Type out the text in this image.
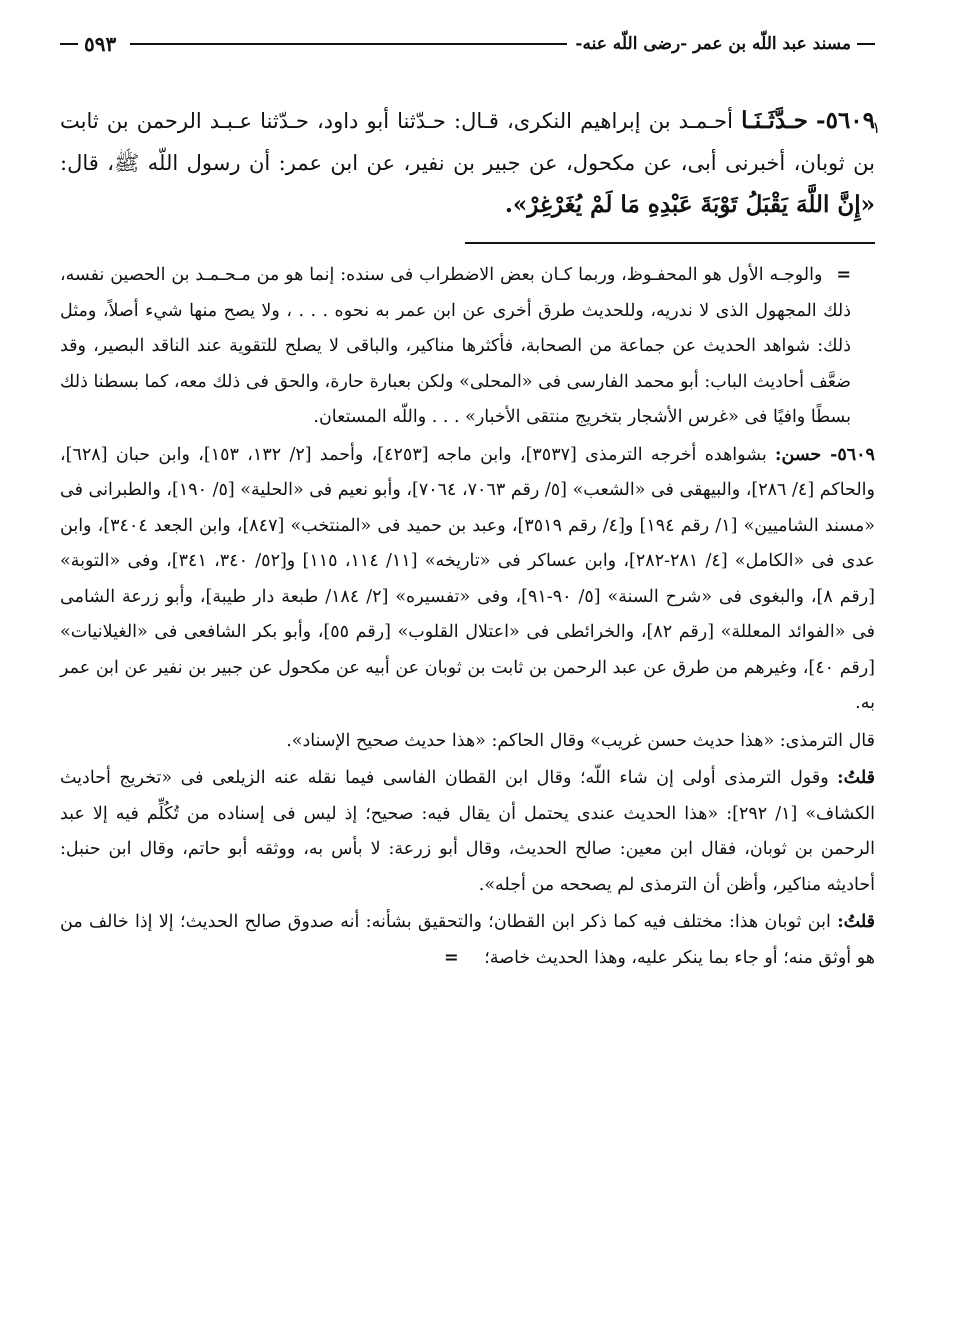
مسند عبد اللّه بن عمر -رضى اللّه عنه-
٥٩٣
٥٦٠٩- حـدَّثَـنَـا أحـمـد بن إبراهيم النكرى، قـال: حـدّثنا أبو داود، حـدّثنا عـبـد الرحمن بن ثابت بن ثوبان، أخبرنى أبى، عن مكحول، عن جبير بن نفير، عن ابن عمر: أن رسول اللّه ﷺ، قال: «إِنَّ اللَّهَ يَقْبَلُ تَوْبَةَ عَبْدِهِ مَا لَمْ يُغَرْغِرْ».

= والوجـه الأول هو المحفـوظ، وربما كـان بعض الاضطراب فى سنده: إنما هو من مـحـمـد بن الحصين نفسه، ذلك المجهول الذى لا ندريه، وللحديث طرق أخرى عن ابن عمر به نحوه . . . ، ولا يصح منها شيء أصلاً، ومثل ذلك: شواهد الحديث عن جماعة من الصحابة، فأكثرها مناكير، والباقى لا يصلح للتقوية عند الناقد البصير، وقد ضعَّف أحاديث الباب: أبو محمد الفارسى فى «المحلى» ولكن بعبارة حارة، والحق فى ذلك معه، كما بسطنا ذلك بسطًا وافيًا فى «غرس الأشجار بتخريج منتقى الأخبار» . . . واللّه المستعان.

٥٦٠٩- حسن: بشواهده أخرجه الترمذى [٣٥٣٧]، وابن ماجه [٤٢٥٣]، وأحمد [٢/ ١٣٢، ١٥٣]، وابن حبان [٦٢٨]، والحاكم [٤/ ٢٨٦]، والبيهقى فى «الشعب» [٥/ رقم ٧٠٦٣، ٧٠٦٤]، وأبو نعيم فى «الحلية» [٥/ ١٩٠]، والطبرانى فى «مسند الشاميين» [١/ رقم ١٩٤] و[٤/ رقم ٣٥١٩]، وعبد بن حميد فى «المنتخب» [٨٤٧]، وابن الجعد ٣٤٠٤]، وابن عدى فى «الكامل» [٤/ ٢٨١-٢٨٢]، وابن عساكر فى «تاريخه» [١١/ ١١٤، ١١٥] و[٥٢/ ٣٤٠، ٣٤١]، وفى «التوبة» [رقم ٨]، والبغوى فى «شرح السنة» [٥/ ٩٠-٩١]، وفى «تفسيره» [٢/ ١٨٤/ طبعة دار طيبة]، وأبو زرعة الشامى فى «الفوائد المعللة» [رقم ٨٢]، والخرائطى فى «اعتلال القلوب» [رقم ٥٥]، وأبو بكر الشافعى فى «الغيلانيات» [رقم ٤٠]، وغيرهم من طرق عن عبد الرحمن بن ثابت بن ثوبان عن أبيه عن مكحول عن جبير بن نفير عن ابن عمر به.

قال الترمذى: «هذا حديث حسن غريب» وقال الحاكم: «هذا حديث صحيح الإسناد».

قلتُ: وقول الترمذى أولى إن شاء اللّه؛ وقال ابن القطان الفاسى فيما نقله عنه الزيلعى فى «تخريج أحاديث الكشاف» [١/ ٢٩٢]: «هذا الحديث عندى يحتمل أن يقال فيه: صحيح؛ إذ ليس فى إسناده من تُكُلِّم فيه إلا عبد الرحمن بن ثوبان، فقال ابن معين: صالح الحديث، وقال أبو زرعة: لا بأس به، ووثقه أبو حاتم، وقال ابن حنبل: أحاديثه مناكير، وأظن أن الترمذى لم يصححه من أجله».

قلتُ: ابن ثوبان هذا: مختلف فيه كما ذكر ابن القطان؛ والتحقيق بشأنه: أنه صدوق صالح الحديث؛ إلا إذا خالف من هو أوثق منه؛ أو جاء بما ينكر عليه، وهذا الحديث خاصة؛ =

١
